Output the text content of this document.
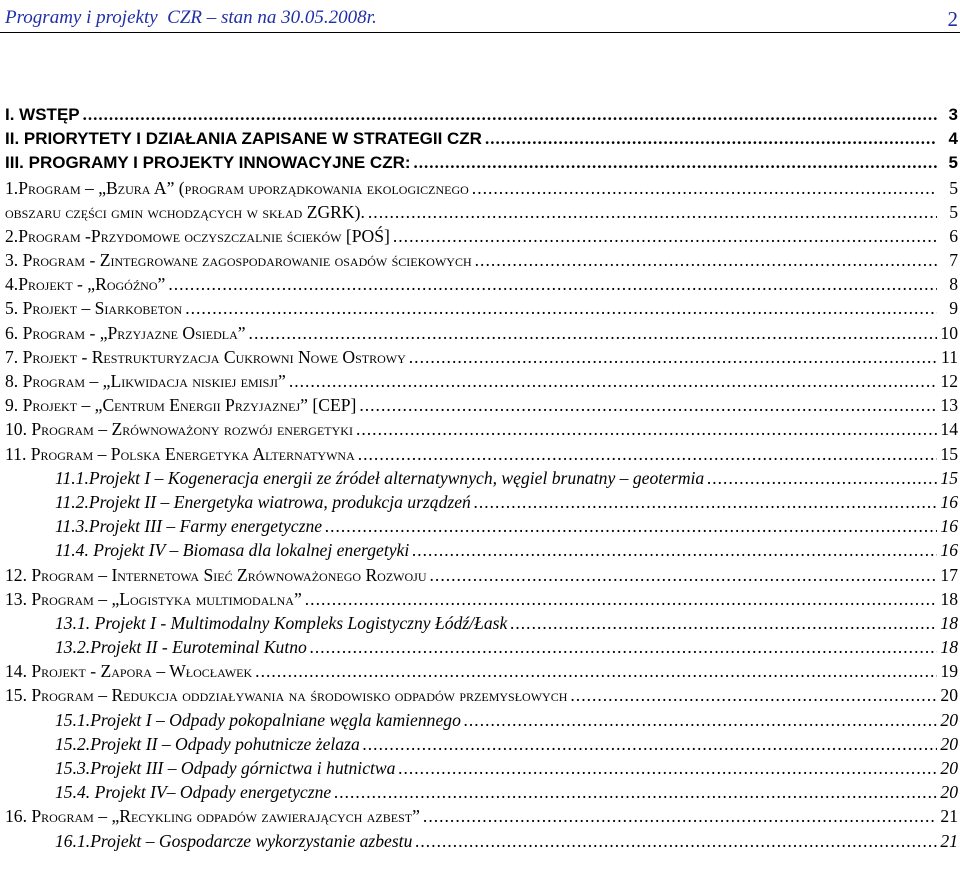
Programy i projekty  CZR – stan na 30.05.2008r.	2
I. WSTĘP .....	3
II. PRIORYTETY I DZIAŁANIA ZAPISANE W STRATEGII CZR .....	4
III. PROGRAMY I PROJEKTY INNOWACYJNE CZR: .....	5
1.Program – „Bzura A” (program uporządkowania ekologicznego .....	5
obszaru części gmin wchodzących w skład ZGRK). .....	5
2.Program -Przydomowe oczyszczalnie ścieków [POŚ] .....	6
3. Program - Zintegrowane zagospodarowanie osadów ściekowych .....	7
4.Projekt - „Rogóźno” .....	8
5. Projekt – Siarkobeton .....	9
6. Program - „Przyjazne Osiedla” .....	10
7. Projekt - Restrukturyzacja Cukrowni Nowe Ostrowy .....	11
8. Program – „Likwidacja niskiej emisji” .....	12
9. Projekt – „Centrum Energii Przyjaznej” [CEP] .....	13
10. Program – Zrównoważony rozwój energetyki .....	14
11. Program – Polska Energetyka Alternatywna .....	15
11.1.Projekt I – Kogeneracja energii ze źródeł alternatywnych, węgiel brunatny – geotermia .....	15
11.2.Projekt II – Energetyka wiatrowa, produkcja urządzeń .....	16
11.3.Projekt III – Farmy energetyczne .....	16
11.4. Projekt IV – Biomasa dla lokalnej energetyki .....	16
12. Program – Internetowa Sieć Zrównoważonego Rozwoju .....	17
13. Program – „Logistyka multimodalna” .....	18
13.1. Projekt I - Multimodalny Kompleks Logistyczny Łódź/Łask .....	18
13.2.Projekt II - Euroteminal Kutno .....	18
14. Projekt - Zapora – Włocławek .....	19
15. Program – Redukcja oddziaływania na środowisko odpadów przemysłowych .....	20
15.1.Projekt I – Odpady pokopalniane węgla kamiennego .....	20
15.2.Projekt II – Odpady pohutnicze żelaza .....	20
15.3.Projekt III – Odpady górnictwa i hutnictwa .....	20
15.4. Projekt IV– Odpady energetyczne .....	20
16. Program – „Recykling odpadów zawierających azbest” .....	21
16.1.Projekt – Gospodarcze wykorzystanie azbestu .....	21
